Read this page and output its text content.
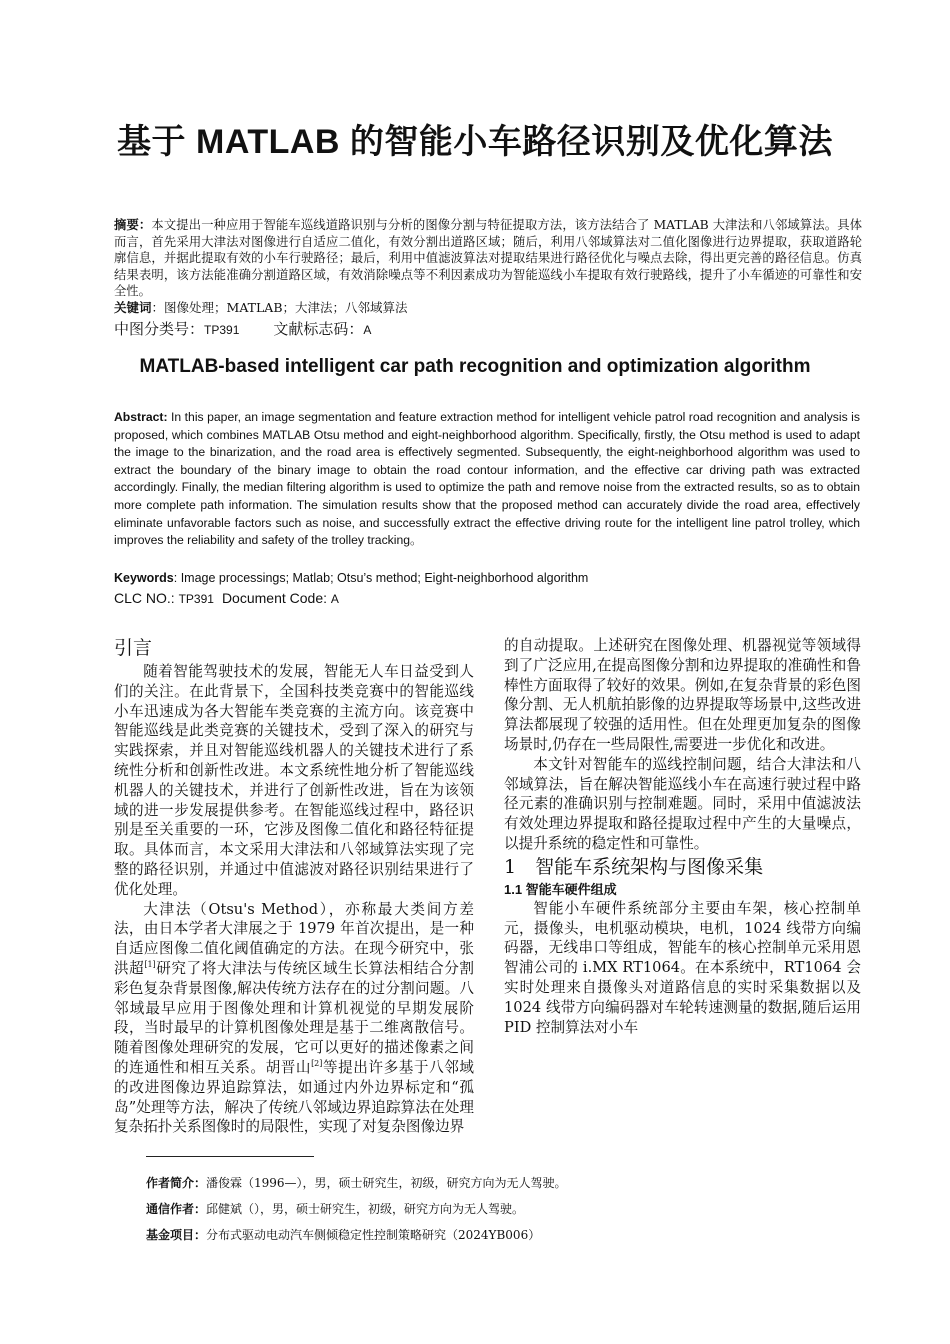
基于 MATLAB 的智能小车路径识别及优化算法
摘要：本文提出一种应用于智能车巡线道路识别与分析的图像分割与特征提取方法，该方法结合了 MATLAB 大津法和八邻域算法。具体而言，首先采用大津法对图像进行自适应二值化，有效分割出道路区域；随后，利用八邻域算法对二值化图像进行边界提取，获取道路轮廓信息，并据此提取有效的小车行驶路径；最后，利用中值滤波算法对提取结果进行路径优化与噪点去除，得出更完善的路径信息。仿真结果表明，该方法能准确分割道路区域，有效消除噪点等不利因素成功为智能巡线小车提取有效行驶路线，提升了小车循迹的可靠性和安全性。
关键词：图像处理；MATLAB；大津法；八邻域算法
中图分类号：TP391 文献标志码：A
MATLAB-based intelligent car path recognition and optimization algorithm
Abstract: In this paper, an image segmentation and feature extraction method for intelligent vehicle patrol road recognition and analysis is proposed, which combines MATLAB Otsu method and eight-neighborhood algorithm. Specifically, firstly, the Otsu method is used to adapt the image to the binarization, and the road area is effectively segmented. Subsequently, the eight-neighborhood algorithm was used to extract the boundary of the binary image to obtain the road contour information, and the effective car driving path was extracted accordingly. Finally, the median filtering algorithm is used to optimize the path and remove noise from the extracted results, so as to obtain more complete path information. The simulation results show that the proposed method can accurately divide the road area, effectively eliminate unfavorable factors such as noise, and successfully extract the effective driving route for the intelligent line patrol trolley, which improves the reliability and safety of the trolley tracking。
Keywords: Image processings; Matlab; Otsu’s method; Eight-neighborhood algorithm
CLC NO.: TP391 Document Code: A
引言

随着智能驾驶技术的发展，智能无人车日益受到人们的关注。在此背景下，全国科技类竞赛中的智能巡线小车迅速成为各大智能车类竞赛的主流方向。该竞赛中智能巡线是此类竞赛的关键技术，受到了深入的研究与实践探索，并且对智能巡线机器人的关键技术进行了系统性分析和创新性改进。本文系统性地分析了智能巡线机器人的关键技术，并进行了创新性改进，旨在为该领域的进一步发展提供参考。在智能巡线过程中，路径识别是至关重要的一环，它涉及图像二值化和路径特征提取。具体而言，本文采用大津法和八邻域算法实现了完整的路径识别，并通过中值滤波对路径识别结果进行了优化处理。

大津法（Otsu's Method），亦称最大类间方差法，由日本学者大津展之于 1979 年首次提出，是一种自适应图像二值化阈值确定的方法。在现今研究中，张洪超[1]研究了将大津法与传统区域生长算法相结合分割彩色复杂背景图像,解决传统方法存在的过分割问题。八邻域最早应用于图像处理和计算机视觉的早期发展阶段，当时最早的计算机图像处理是基于二维离散信号。随着图像处理研究的发展，它可以更好的描述像素之间的连通性和相互关系。胡晋山[2]等提出许多基于八邻域的改进图像边界追踪算法，如通过内外边界标定和“孤岛”处理等方法，解决了传统八邻域边界追踪算法在处理复杂拓扑关系图像时的局限性，实现了对复杂图像边界

的自动提取。上述研究在图像处理、机器视觉等领域得到了广泛应用,在提高图像分割和边界提取的准确性和鲁棒性方面取得了较好的效果。例如,在复杂背景的彩色图像分割、无人机航拍影像的边界提取等场景中,这些改进算法都展现了较强的适用性。但在处理更加复杂的图像场景时,仍存在一些局限性,需要进一步优化和改进。

本文针对智能车的巡线控制问题，结合大津法和八邻域算法，旨在解决智能巡线小车在高速行驶过程中路径元素的准确识别与控制难题。同时，采用中值滤波法有效处理边界提取和路径提取过程中产生的大量噪点，以提升系统的稳定性和可靠性。

1　智能车系统架构与图像采集
1.1 智能车硬件组成

智能小车硬件系统部分主要由车架，核心控制单元，摄像头，电机驱动模块，电机，1024 线带方向编码器，无线串口等组成，智能车的核心控制单元采用恩智浦公司的 i.MX RT1064。在本系统中，RT1064 会实时处理来自摄像头对道路信息的实时采集数据以及 1024 线带方向编码器对车轮转速测量的数据,随后运用 PID 控制算法对小车

作者简介：潘俊霖（1996—），男，硕士研究生，初级，研究方向为无人驾驶。
通信作者：邱健斌（），男，硕士研究生，初级，研究方向为无人驾驶。
基金项目：分布式驱动电动汽车侧倾稳定性控制策略研究（2024YB006）
